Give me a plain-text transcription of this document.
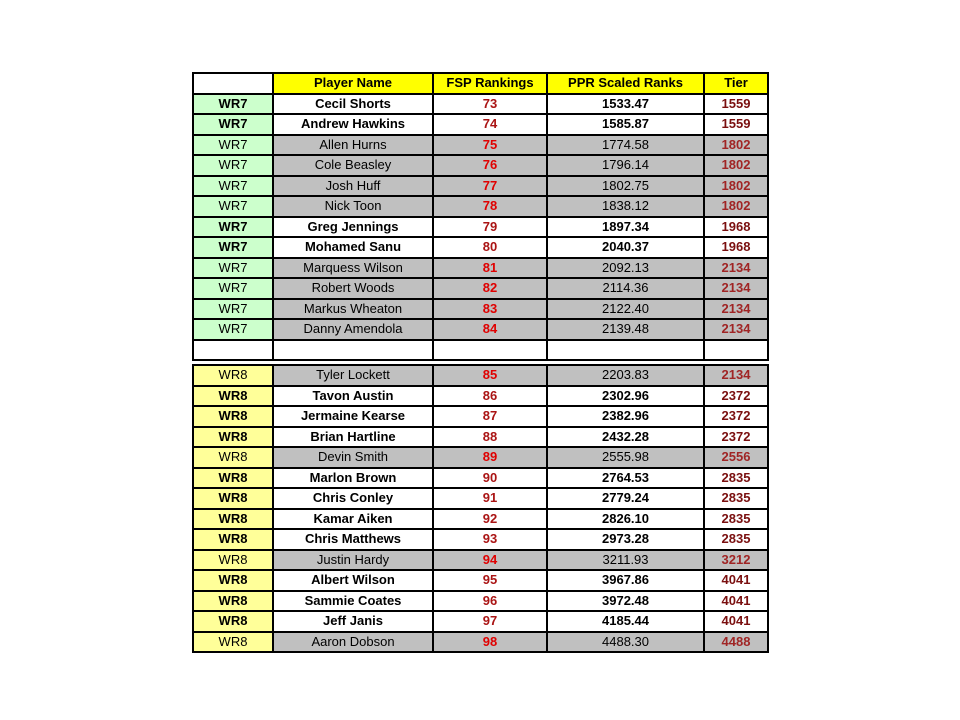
	Player Name	FSP Rankings	PPR Scaled Ranks	Tier
WR7	Cecil Shorts	73	1533.47	1559
WR7	Andrew Hawkins	74	1585.87	1559
WR7	Allen Hurns	75	1774.58	1802
WR7	Cole Beasley	76	1796.14	1802
WR7	Josh Huff	77	1802.75	1802
WR7	Nick Toon	78	1838.12	1802
WR7	Greg Jennings	79	1897.34	1968
WR7	Mohamed Sanu	80	2040.37	1968
WR7	Marquess Wilson	81	2092.13	2134
WR7	Robert Woods	82	2114.36	2134
WR7	Markus Wheaton	83	2122.40	2134
WR7	Danny Amendola	84	2139.48	2134

WR8	Tyler Lockett	85	2203.83	2134
WR8	Tavon Austin	86	2302.96	2372
WR8	Jermaine Kearse	87	2382.96	2372
WR8	Brian Hartline	88	2432.28	2372
WR8	Devin Smith	89	2555.98	2556
WR8	Marlon Brown	90	2764.53	2835
WR8	Chris Conley	91	2779.24	2835
WR8	Kamar Aiken	92	2826.10	2835
WR8	Chris Matthews	93	2973.28	2835
WR8	Justin Hardy	94	3211.93	3212
WR8	Albert Wilson	95	3967.86	4041
WR8	Sammie Coates	96	3972.48	4041
WR8	Jeff Janis	97	4185.44	4041
WR8	Aaron Dobson	98	4488.30	4488
